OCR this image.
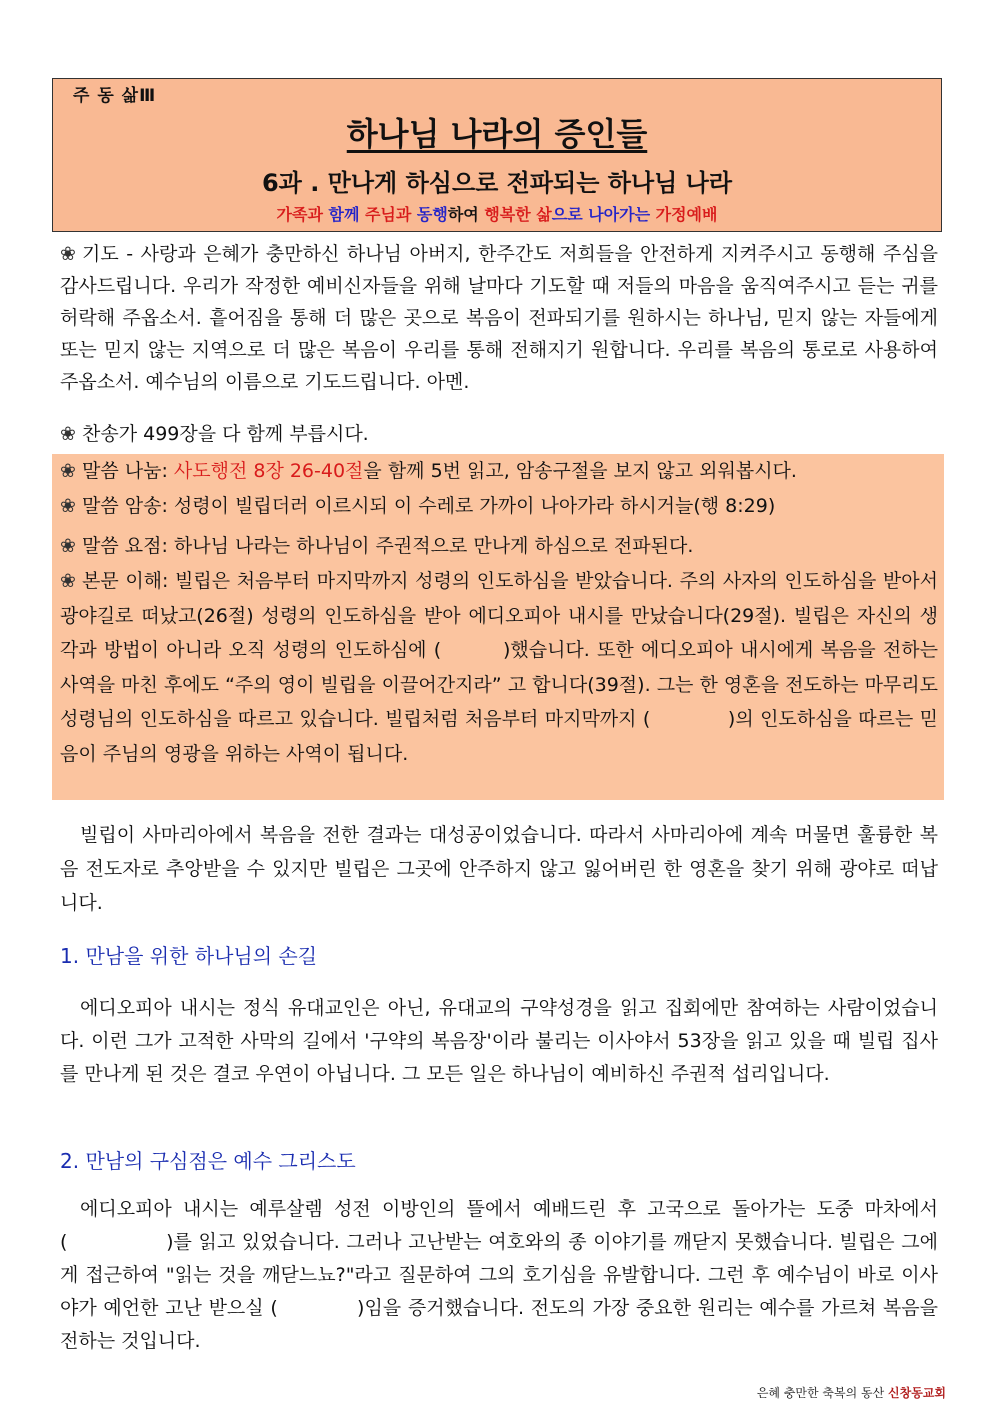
주 동 삶Ⅲ
하나님 나라의 증인들
6과 . 만나게 하심으로 전파되는 하나님 나라
가족과 함께 주님과 동행하여 행복한 삶으로 나아가는 가정예배

❀ 기도 - 사랑과 은혜가 충만하신 하나님 아버지, 한주간도 저희들을 안전하게 지켜주시고 동행해 주심을 감사드립니다. 우리가 작정한 예비신자들을 위해 날마다 기도할 때 저들의 마음을 움직여주시고 듣는 귀를 허락해 주옵소서. 흩어짐을 통해 더 많은 곳으로 복음이 전파되기를 원하시는 하나님, 믿지 않는 자들에게 또는 믿지 않는 지역으로 더 많은 복음이 우리를 통해 전해지기 원합니다. 우리를 복음의 통로로 사용하여 주옵소서. 예수님의 이름으로 기도드립니다. 아멘.

❀ 찬송가 499장을 다 함께 부릅시다.

❀ 말씀 나눔: 사도행전 8장 26-40절을 함께 5번 읽고, 암송구절을 보지 않고 외워봅시다.

❀ 말씀 암송: 성령이 빌립더러 이르시되 이 수레로 가까이 나아가라 하시거늘(행 8:29)

❀ 말씀 요점: 하나님 나라는 하나님이 주권적으로 만나게 하심으로 전파된다.

❀ 본문 이해: 빌립은 처음부터 마지막까지 성령의 인도하심을 받았습니다. 주의 사자의 인도하심을 받아서 광야길로 떠났고(26절) 성령의 인도하심을 받아 에디오피아 내시를 만났습니다(29절). 빌립은 자신의 생각과 방법이 아니라 오직 성령의 인도하심에 (　　　)했습니다. 또한 에디오피아 내시에게 복음을 전하는 사역을 마친 후에도 “주의 영이 빌립을 이끌어간지라” 고 합니다(39절). 그는 한 영혼을 전도하는 마무리도 성령님의 인도하심을 따르고 있습니다. 빌립처럼 처음부터 마지막까지 (　　　　)의 인도하심을 따르는 믿음이 주님의 영광을 위하는 사역이 됩니다.

빌립이 사마리아에서 복음을 전한 결과는 대성공이었습니다. 따라서 사마리아에 계속 머물면 훌륭한 복음 전도자로 추앙받을 수 있지만 빌립은 그곳에 안주하지 않고 잃어버린 한 영혼을 찾기 위해 광야로 떠납니다.

1. 만남을 위한 하나님의 손길

에디오피아 내시는 정식 유대교인은 아닌, 유대교의 구약성경을 읽고 집회에만 참여하는 사람이었습니다. 이런 그가 고적한 사막의 길에서 '구약의 복음장'이라 불리는 이사야서 53장을 읽고 있을 때 빌립 집사를 만나게 된 것은 결코 우연이 아닙니다. 그 모든 일은 하나님이 예비하신 주권적 섭리입니다.

2. 만남의 구심점은 예수 그리스도

에디오피아 내시는 예루살렘 성전 이방인의 뜰에서 예배드린 후 고국으로 돌아가는 도중 마차에서 (　　　　　)를 읽고 있었습니다. 그러나 고난받는 여호와의 종 이야기를 깨닫지 못했습니다. 빌립은 그에게 접근하여 "읽는 것을 깨닫느뇨?"라고 질문하여 그의 호기심을 유발합니다. 그런 후 예수님이 바로 이사야가 예언한 고난 받으실 (　　　　)임을 증거했습니다. 전도의 가장 중요한 원리는 예수를 가르쳐 복음을 전하는 것입니다.

은혜 충만한 축복의 동산 신창동교회
